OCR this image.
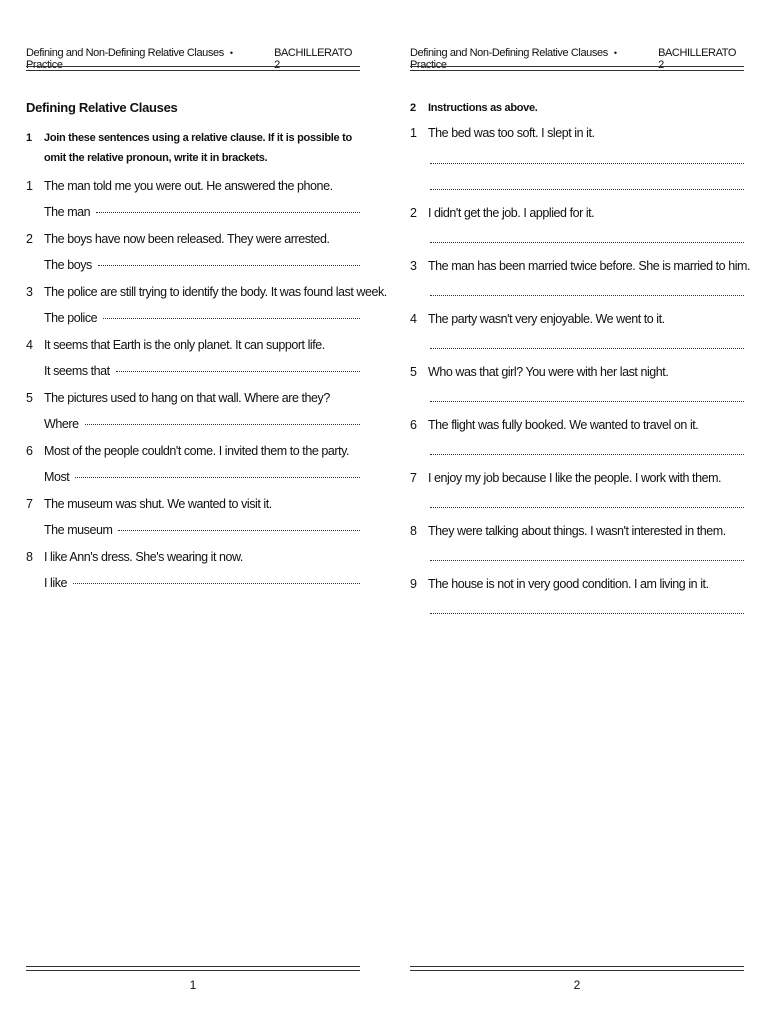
Defining and Non-Defining Relative Clauses •Practice
BACHILLERATO 2
Defining Relative Clauses
1 Join these sentences using a relative clause. If it is possible to omit the relative pronoun, write it in brackets.
1 The man told me you were out. He answered the phone.
The man
2 The boys have now been released. They were arrested.
The boys
3 The police are still trying to identify the body. It was found last week.
The police
4 It seems that Earth is the only planet. It can support life.
It seems that
5 The pictures used to hang on that wall. Where are they?
Where
6 Most of the people couldn't come. I invited them to the party.
Most
7 The museum was shut. We wanted to visit it.
The museum
8 I like Ann's dress. She's wearing it now.
I like
1
Defining and Non-Defining Relative Clauses •Practice
BACHILLERATO 2
2 Instructions as above.
1 The bed was too soft. I slept in it.
2 I didn't get the job. I applied for it.
3 The man has been married twice before. She is married to him.
4 The party wasn't very enjoyable. We went to it.
5 Who was that girl? You were with her last night.
6 The flight was fully booked. We wanted to travel on it.
7 I enjoy my job because I like the people. I work with them.
8 They were talking about things. I wasn't interested in them.
9 The house is not in very good condition. I am living in it.
2
